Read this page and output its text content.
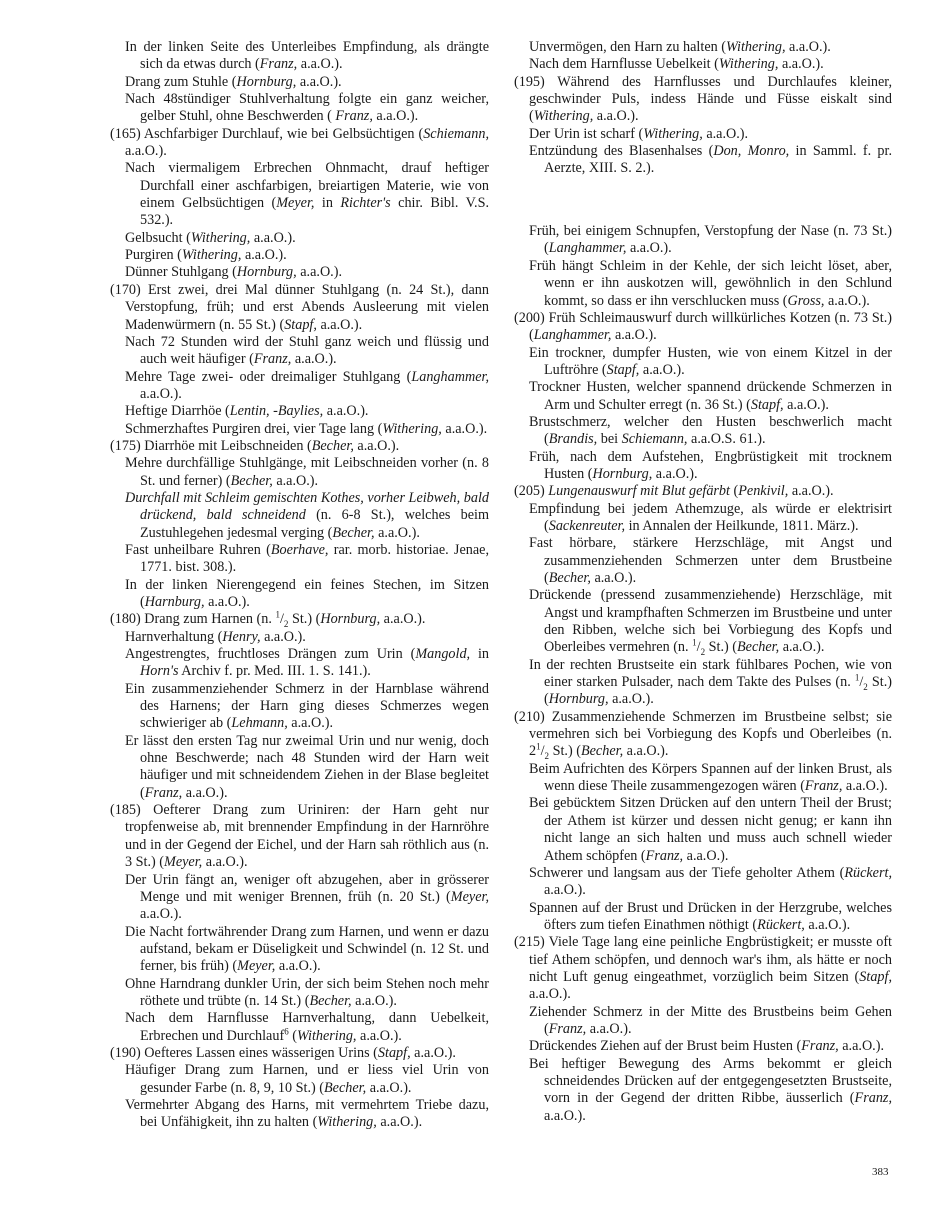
In der linken Seite des Unterleibes Empfindung, als drängte sich da etwas durch (Franz, a.a.O.).

Drang zum Stuhle (Hornburg, a.a.O.).

Nach 48stündiger Stuhlverhaltung folgte ein ganz weicher, gelber Stuhl, ohne Beschwerden ( Franz, a.a.O.).

(165) Aschfarbiger Durchlauf, wie bei Gelbsüchtigen (Schiemann, a.a.O.).

Nach viermaligem Erbrechen Ohnmacht, drauf heftiger Durchfall einer aschfarbigen, breiartigen Materie, wie von einem Gelbsüchtigen (Meyer, in Richter's chir. Bibl. V.S. 532.).

Gelbsucht (Withering, a.a.O.).

Purgiren (Withering, a.a.O.).

Dünner Stuhlgang (Hornburg, a.a.O.).

(170) Erst zwei, drei Mal dünner Stuhlgang (n. 24 St.), dann Verstopfung, früh; und erst Abends Ausleerung mit vielen Madenwürmern (n. 55 St.) (Stapf, a.a.O.).

Nach 72 Stunden wird der Stuhl ganz weich und flüssig und auch weit häufiger (Franz, a.a.O.).

Mehre Tage zwei- oder dreimaliger Stuhlgang (Langhammer, a.a.O.).

Heftige Diarrhöe (Lentin, -Baylies, a.a.O.).

Schmerzhaftes Purgiren drei, vier Tage lang (Withering, a.a.O.).

(175) Diarrhöe mit Leibschneiden (Becher, a.a.O.).

Mehre durchfällige Stuhlgänge, mit Leibschneiden vorher (n. 8 St. und ferner) (Becher, a.a.O.).

Durchfall mit Schleim gemischten Kothes, vorher Leibweh, bald drückend, bald schneidend (n. 6-8 St.), welches beim Zustuhlegehen jedesmal verging (Becher, a.a.O.).

Fast unheilbare Ruhren (Boerhave, rar. morb. historiae. Jenae, 1771. bist. 308.).

In der linken Nierengegend ein feines Stechen, im Sitzen (Harnburg, a.a.O.).

(180) Drang zum Harnen (n. $^1/_2$ St.) (Hornburg, a.a.O.).

Harnverhaltung (Henry, a.a.O.).

Angestrengtes, fruchtloses Drängen zum Urin (Mangold, in Horn's Archiv f. pr. Med. III. 1. S. 141.).

Ein zusammenziehender Schmerz in der Harnblase während des Harnens; der Harn ging dieses Schmerzes wegen schwieriger ab (Lehmann, a.a.O.).

Er lässt den ersten Tag nur zweimal Urin und nur wenig, doch ohne Beschwerde; nach 48 Stunden wird der Harn weit häufiger und mit schneidendem Ziehen in der Blase begleitet (Franz, a.a.O.).

(185) Oefterer Drang zum Uriniren: der Harn geht nur tropfenweise ab, mit brennender Empfindung in der Harnröhre und in der Gegend der Eichel, und der Harn sah röthlich aus (n. 3 St.) (Meyer, a.a.O.).

Der Urin fängt an, weniger oft abzugehen, aber in grösserer Menge und mit weniger Brennen, früh (n. 20 St.) (Meyer, a.a.O.).

Die Nacht fortwährender Drang zum Harnen, und wenn er dazu aufstand, bekam er Düseligkeit und Schwindel (n. 12 St. und ferner, bis früh) (Meyer, a.a.O.).

Ohne Harndrang dunkler Urin, der sich beim Stehen noch mehr röthete und trübte (n. 14 St.) (Becher, a.a.O.).

Nach dem Harnflusse Harnverhaltung, dann Uebelkeit, Erbrechen und Durchlauf$^6$ (Withering, a.a.O.).

(190) Oefteres Lassen eines wässerigen Urins (Stapf, a.a.O.).

Häufiger Drang zum Harnen, und er liess viel Urin von gesunder Farbe (n. 8, 9, 10 St.) (Becher, a.a.O.).

Vermehrter Abgang des Harns, mit vermehrtem Triebe dazu, bei Unfähigkeit, ihn zu halten (Withering, a.a.O.).

Unvermögen, den Harn zu halten (Withering, a.a.O.).

Nach dem Harnflusse Uebelkeit (Withering, a.a.O.).

(195) Während des Harnflusses und Durchlaufes kleiner, geschwinder Puls, indess Hände und Füsse eiskalt sind (Withering, a.a.O.).

Der Urin ist scharf (Withering, a.a.O.).

Entzündung des Blasenhalses (Don, Monro, in Samml. f. pr. Aerzte, XIII. S. 2.).

Früh, bei einigem Schnupfen, Verstopfung der Nase (n. 73 St.) (Langhammer, a.a.O.).

Früh hängt Schleim in der Kehle, der sich leicht löset, aber, wenn er ihn auskotzen will, gewöhnlich in den Schlund kommt, so dass er ihn verschlucken muss (Gross, a.a.O.).

(200) Früh Schleimauswurf durch willkürliches Kotzen (n. 73 St.) (Langhammer, a.a.O.).

Ein trockner, dumpfer Husten, wie von einem Kitzel in der Luftröhre (Stapf, a.a.O.).

Trockner Husten, welcher spannend drückende Schmerzen in Arm und Schulter erregt (n. 36 St.) (Stapf, a.a.O.).

Brustschmerz, welcher den Husten beschwerlich macht (Brandis, bei Schiemann, a.a.O.S. 61.).

Früh, nach dem Aufstehen, Engbrüstigkeit mit trocknem Husten (Hornburg, a.a.O.).

(205) Lungenauswurf mit Blut gefärbt (Penkivil, a.a.O.).

Empfindung bei jedem Athemzuge, als würde er elektrisirt (Sackenreuter, in Annalen der Heilkunde, 1811. März.).

Fast hörbare, stärkere Herzschläge, mit Angst und zusammenziehenden Schmerzen unter dem Brustbeine (Becher, a.a.O.).

Drückende (pressend zusammenziehende) Herzschläge, mit Angst und krampfhaften Schmerzen im Brustbeine und unter den Ribben, welche sich bei Vorbiegung des Kopfs und Oberleibes vermehren (n. $^1/_2$ St.) (Becher, a.a.O.).

In der rechten Brustseite ein stark fühlbares Pochen, wie von einer starken Pulsader, nach dem Takte des Pulses (n. $^1/_2$ St.) (Hornburg, a.a.O.).

(210) Zusammenziehende Schmerzen im Brustbeine selbst; sie vermehren sich bei Vorbiegung des Kopfs und Oberleibes (n. $2^1/_2$ St.) (Becher, a.a.O.).

Beim Aufrichten des Körpers Spannen auf der linken Brust, als wenn diese Theile zusammengezogen wären (Franz, a.a.O.).

Bei gebücktem Sitzen Drücken auf den untern Theil der Brust; der Athem ist kürzer und dessen nicht genug; er kann ihn nicht lange an sich halten und muss auch schnell wieder Athem schöpfen (Franz, a.a.O.).

Schwerer und langsam aus der Tiefe geholter Athem (Rückert, a.a.O.).

Spannen auf der Brust und Drücken in der Herzgrube, welches öfters zum tiefen Einathmen nöthigt (Rückert, a.a.O.).

(215) Viele Tage lang eine peinliche Engbrüstigkeit; er musste oft tief Athem schöpfen, und dennoch war's ihm, als hätte er noch nicht Luft genug eingeathmet, vorzüglich beim Sitzen (Stapf, a.a.O.).

Ziehender Schmerz in der Mitte des Brustbeins beim Gehen (Franz, a.a.O.).

Drückendes Ziehen auf der Brust beim Husten (Franz, a.a.O.).

Bei heftiger Bewegung des Arms bekommt er gleich schneidendes Drücken auf der entgegengesetzten Brustseite, vorn in der Gegend der dritten Ribbe, äusserlich (Franz, a.a.O.).

383
